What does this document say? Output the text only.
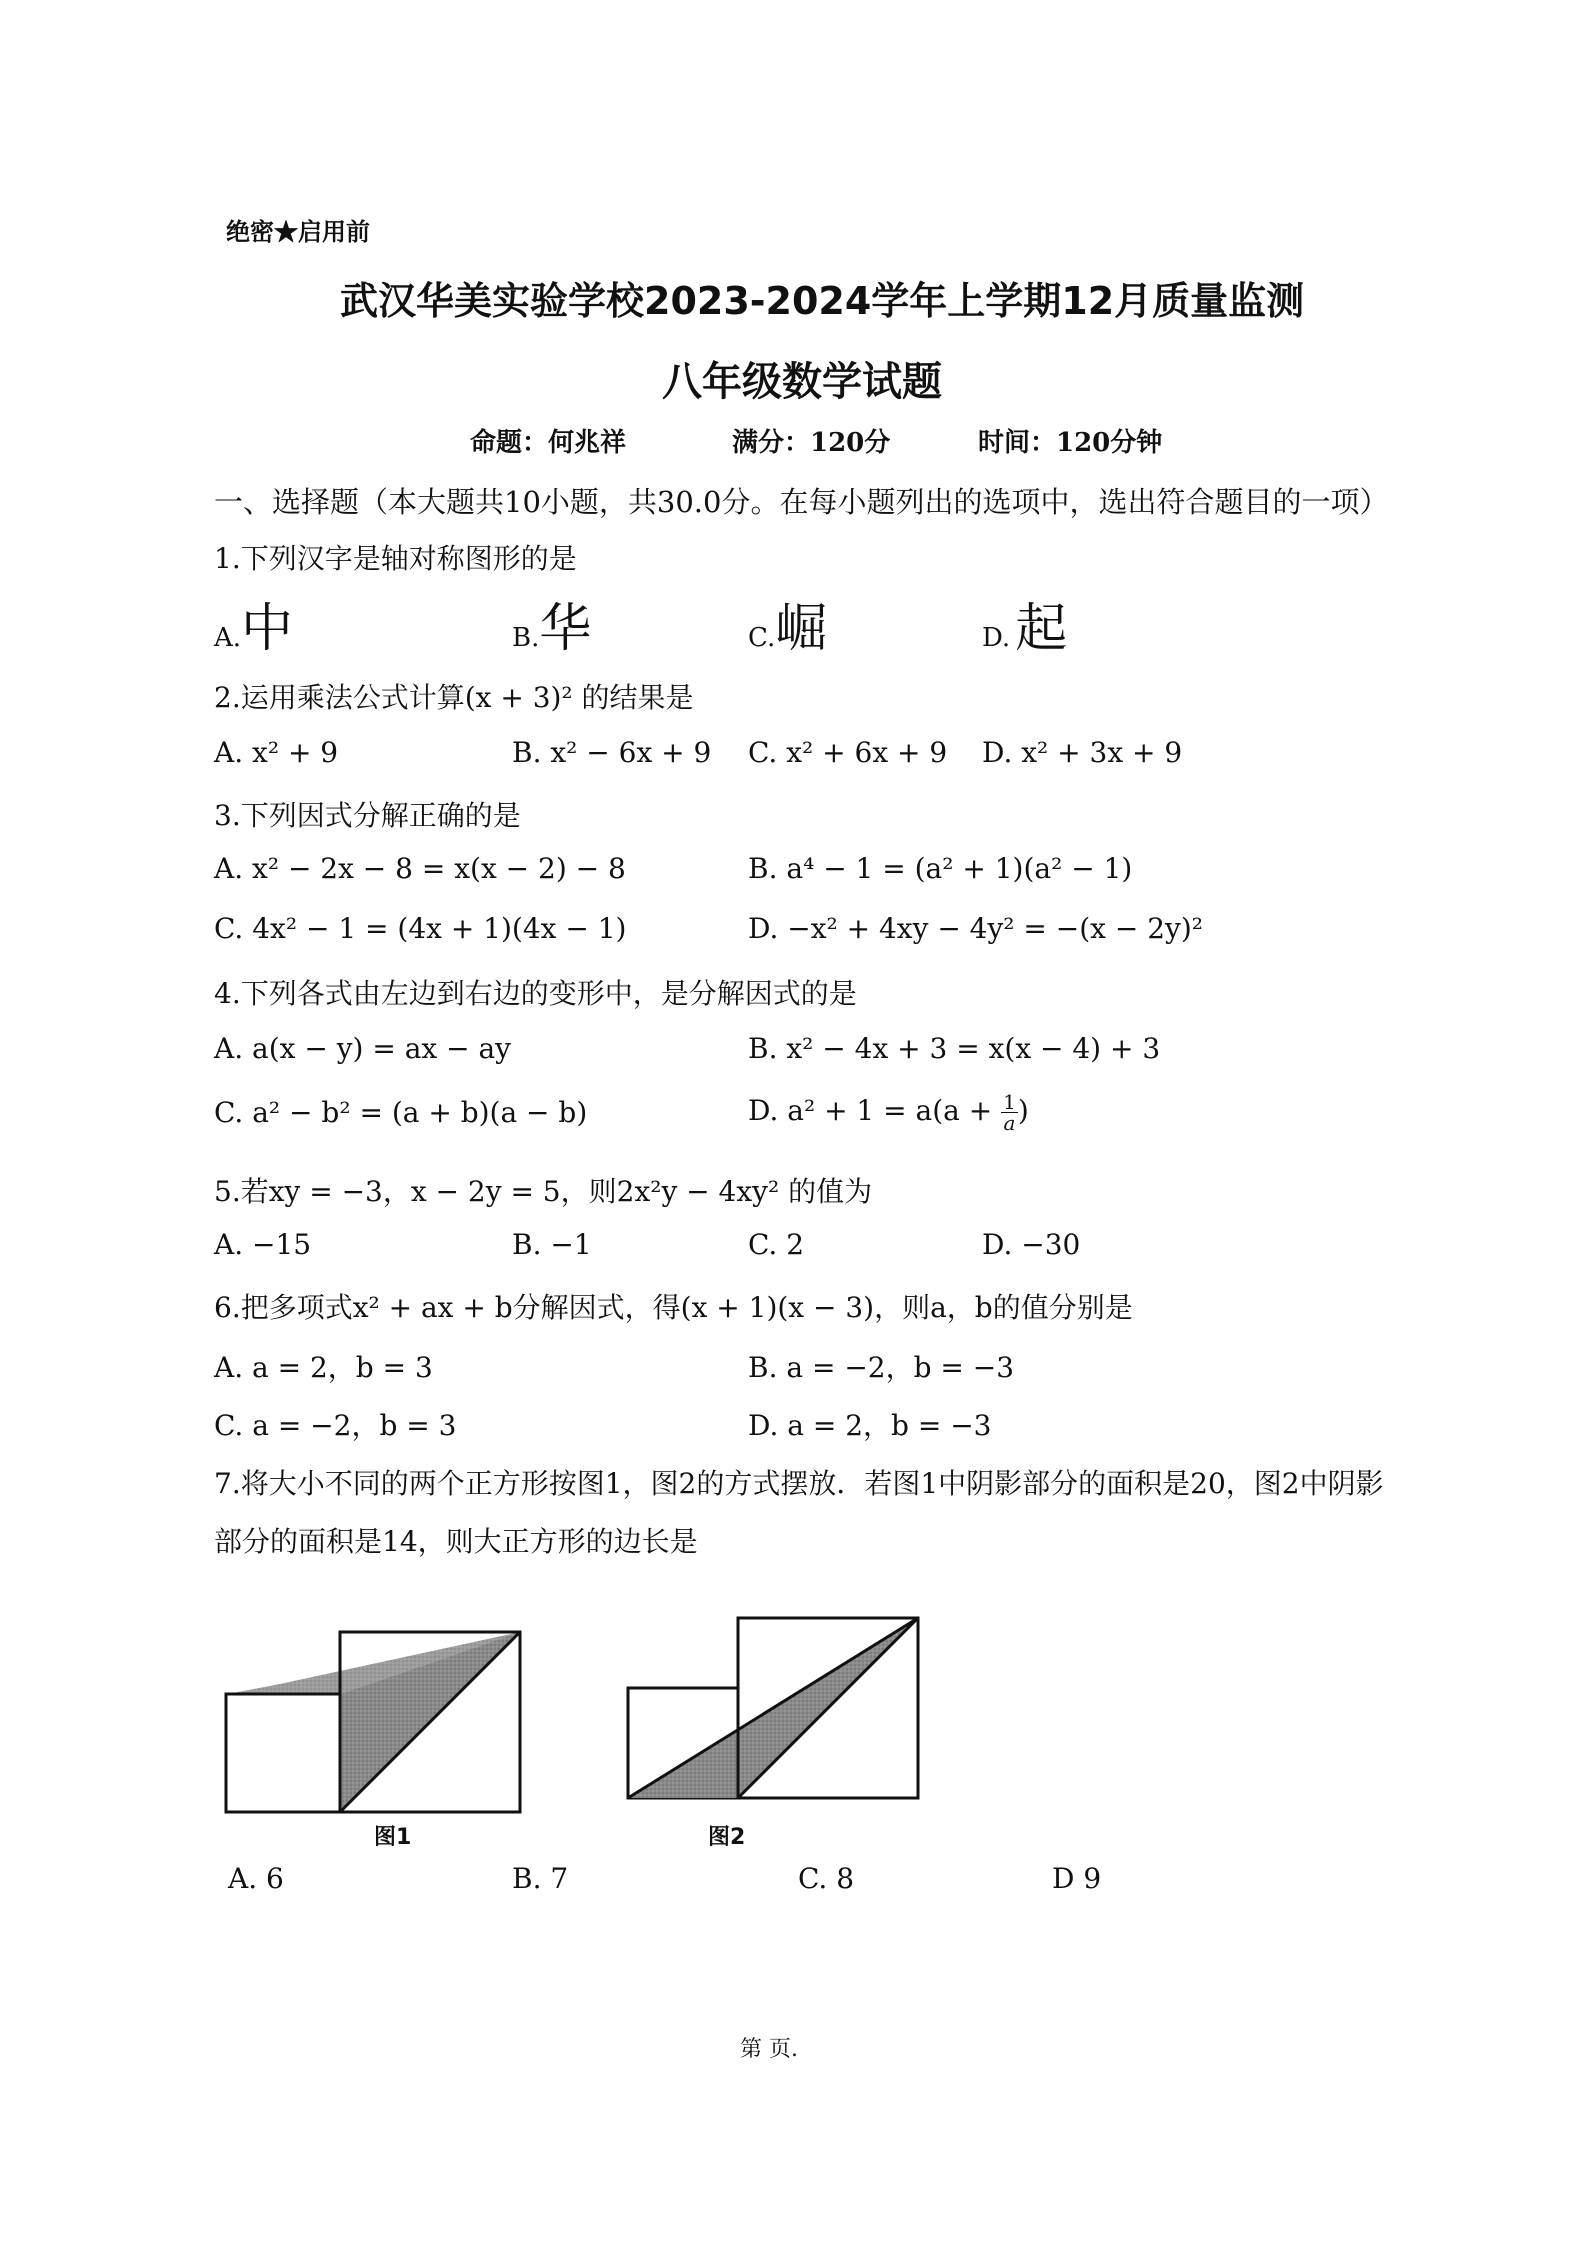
绝密★启用前
武汉华美实验学校2023-2024学年上学期12月质量监测
八年级数学试题
命题：何兆祥	满分：120分	时间：120分钟
一、选择题（本大题共10小题，共30.0分。在每小题列出的选项中，选出符合题目的一项）
1.下列汉字是轴对称图形的是
A.中	B.华	C.崛	D. 起
2.运用乘法公式计算(x + 3)² 的结果是
A. x² + 9	B. x² − 6x + 9 C. x² + 6x + 9 D. x² + 3x + 9
3.下列因式分解正确的是
A. x² − 2x − 8 = x(x − 2) − 8	B. a⁴ − 1 = (a² + 1)(a² − 1)
C. 4x² − 1 = (4x + 1)(4x − 1)	D. −x² + 4xy − 4y² = −(x − 2y)²
4.下列各式由左边到右边的变形中，是分解因式的是
A. a(x − y) = ax − ay	B. x² − 4x + 3 = x(x − 4) + 3
C. a² − b² = (a + b)(a − b)	D. $a^2 + 1 = a(a + \frac{1}{a}$ )
5.若xy = −3，x − 2y = 5，则2x²y − 4xy² 的值为
A. −15	B. −1	C. 2	D. −30
6.把多项式x² + ax + b分解因式，得(x + 1)(x − 3)，则a，b的值分别是
A. a = 2，b = 3	B. a = −2，b = −3
C. a = −2，b = 3	D. a = 2，b = −3
7.将大小不同的两个正方形按图1，图2的方式摆放．若图1中阴影部分的面积是20，图2中阴影
部分的面积是14，则大正方形的边长是
图1	图2
A. 6	B. 7	C. 8	D 9
第 页.
